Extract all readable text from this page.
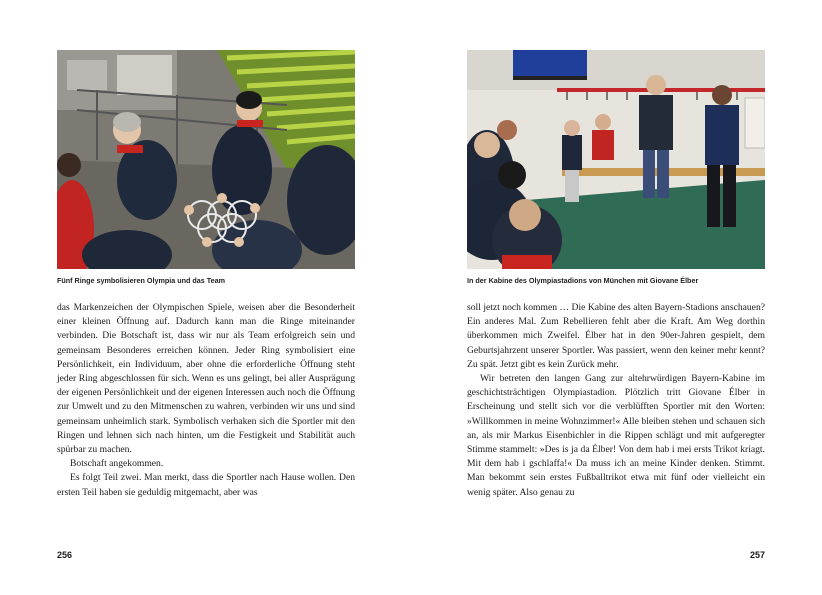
Fünf Ringe symbolisieren Olympia und das Team

das Markenzeichen der Olympischen Spiele, weisen aber die Besonderheit einer kleinen Öffnung auf. Dadurch kann man die Ringe miteinander verbinden. Die Botschaft ist, dass wir nur als Team erfolgreich sein und gemeinsam Besonderes erreichen können. Jeder Ring symbolisiert eine Persönlichkeit, ein Individuum, aber ohne die erforderliche Öffnung steht jeder Ring abgeschlossen für sich. Wenn es uns gelingt, bei aller Ausprägung der eigenen Persönlichkeit und der eigenen Interessen auch noch die Öffnung zur Umwelt und zu den Mitmenschen zu wahren, verbinden wir uns und sind gemeinsam unheimlich stark. Symbolisch verhaken sich die Sportler mit den Ringen und lehnen sich nach hinten, um die Festigkeit und Stabilität auch spürbar zu machen.

Botschaft angekommen.

Es folgt Teil zwei. Man merkt, dass die Sportler nach Hause wollen. Den ersten Teil haben sie geduldig mitgemacht, aber was

256
In der Kabine des Olympiastadions von München mit Giovane Élber

soll jetzt noch kommen … Die Kabine des alten Bayern-Stadions anschauen? Ein anderes Mal. Zum Rebellieren fehlt aber die Kraft. Am Weg dorthin überkommen mich Zweifel. Élber hat in den 90er-Jahren gespielt, dem Geburtsjahrzent unserer Sportler. Was passiert, wenn den keiner mehr kennt? Zu spät. Jetzt gibt es kein Zurück mehr.

Wir betreten den langen Gang zur altehrwürdigen Bayern-Kabine im geschichtsträchtigen Olympiastadion. Plötzlich tritt Giovane Élber in Erscheinung und stellt sich vor die verblüfften Sportler mit den Worten: »Willkommen in meine Wohnzimmer!« Alle bleiben stehen und schauen sich an, als mir Markus Eisenbichler in die Rippen schlägt und mit aufgeregter Stimme stammelt: »Des is ja da Élber! Von dem hab i mei ersts Trikot kriagt. Mit dem hab i gschlaffa!« Da muss ich an meine Kinder denken. Stimmt. Man bekommt sein erstes Fußballtrikot etwa mit fünf oder vielleicht ein wenig später. Also genau zu

257
